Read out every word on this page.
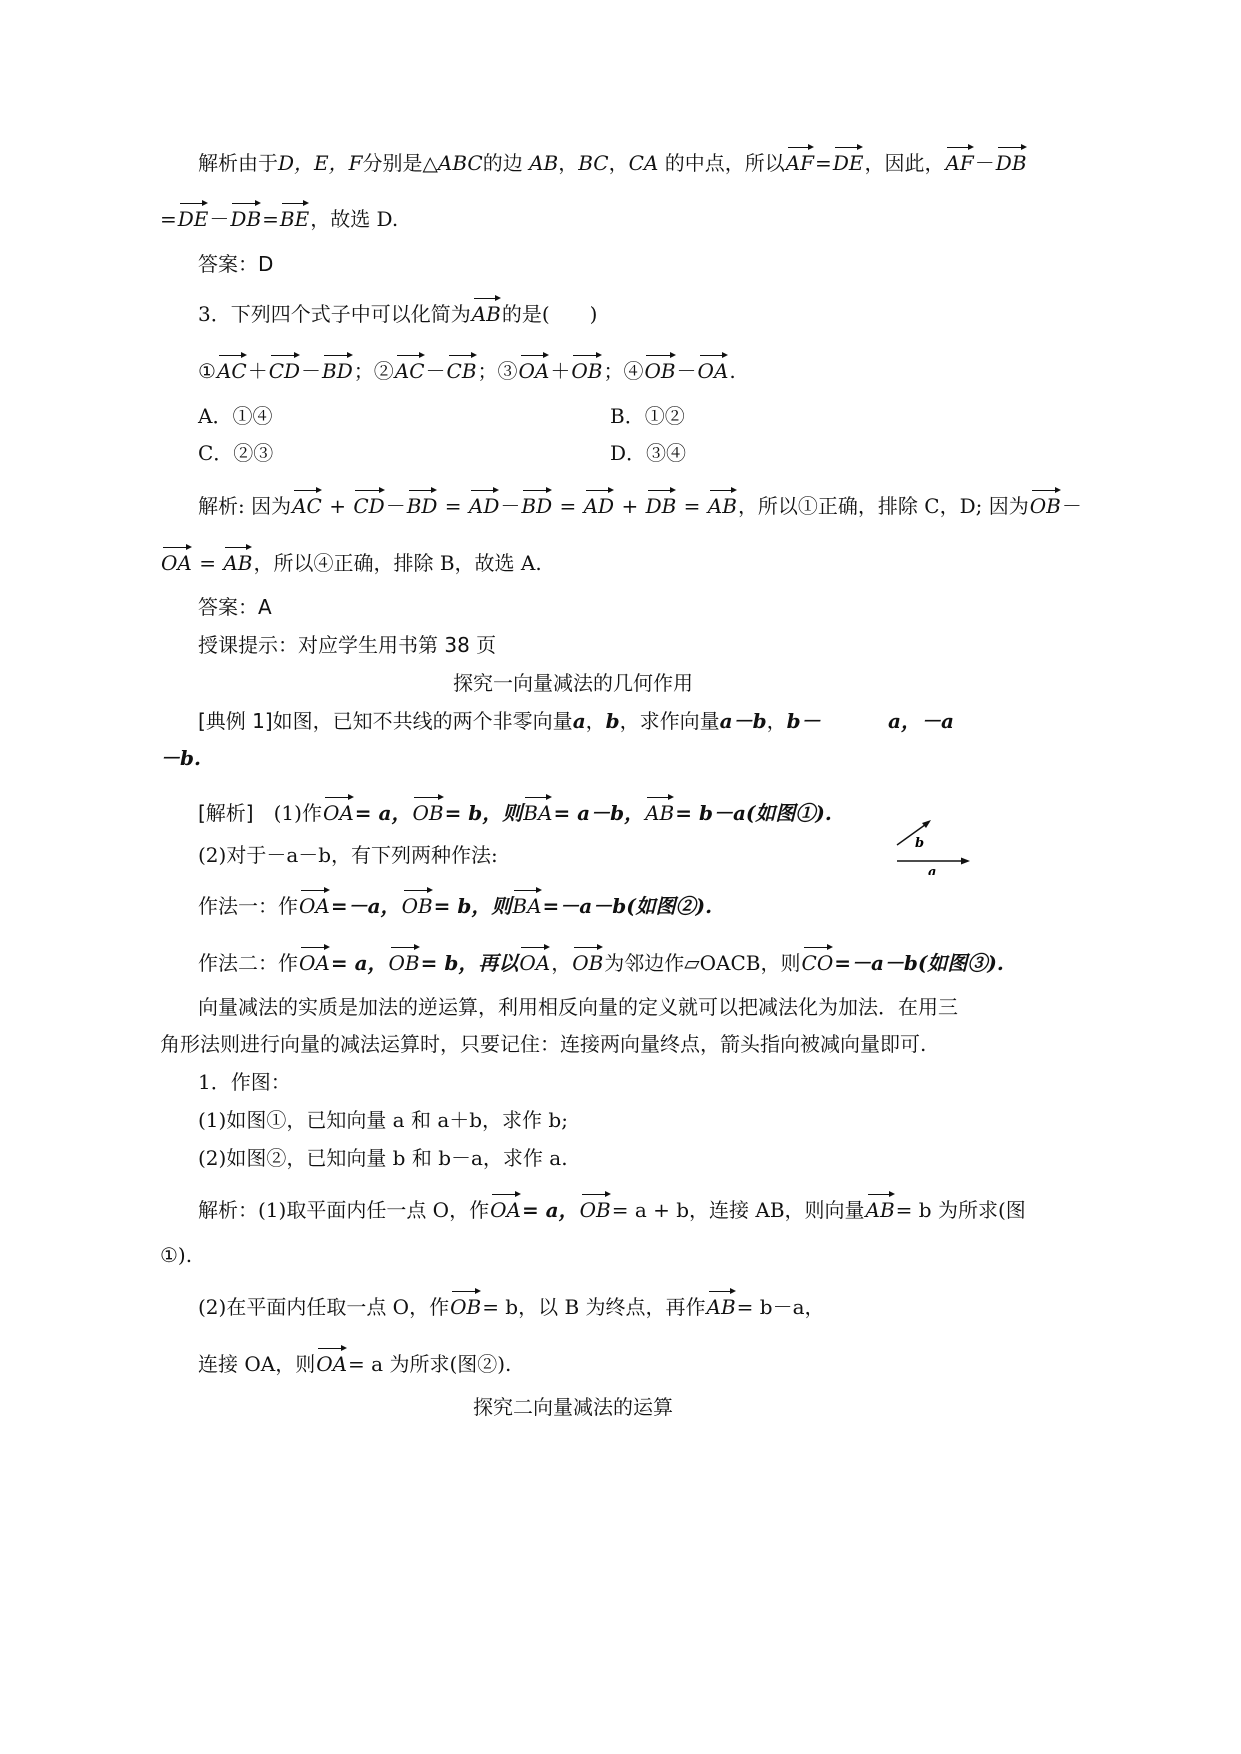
解析由于D，E，F分别是△ABC的边 AB，BC，CA 的中点，所以AF=DE，因此，AF－DB
=DE－DB=BE，故选 D.
答案：D
3．下列四个式子中可以化简为AB的是(　　)
①AC＋CD－BD；②AC－CB；③OA＋OB；④OB－OA.
A．①④	B．①②
C．②③	D．③④
解析: 因为AC + CD－BD = AD－BD = AD + DB = AB，所以①正确，排除 C，D; 因为OB－
OA = AB，所以④正确，排除 B，故选 A.
答案：A
授课提示：对应学生用书第 38 页
探究一向量减法的几何作用
[典例 1]如图，已知不共线的两个非零向量a，b，求作向量a－b，b－	a，－a
－b.
b
a
[解析]　(1)作OA= a，OB= b，则BA= a－b，AB= b－a(如图①).
(2)对于－a－b，有下列两种作法:
作法一：作OA=－a，OB= b，则BA=－a－b(如图②).
作法二：作OA= a，OB= b，再以OA，OB为邻边作▱OACB，则CO=－a－b(如图③).
向量减法的实质是加法的逆运算，利用相反向量的定义就可以把减法化为加法．在用三
角形法则进行向量的减法运算时，只要记住：连接两向量终点，箭头指向被减向量即可.
1．作图：
(1)如图①，已知向量 a 和 a＋b，求作 b;
(2)如图②，已知向量 b 和 b－a，求作 a.
解析：(1)取平面内任一点 O，作OA= a，OB= a + b，连接 AB，则向量AB= b 为所求(图
①).
(2)在平面内任取一点 O，作OB= b，以 B 为终点，再作AB= b－a，
连接 OA，则OA= a 为所求(图②).
探究二向量减法的运算
